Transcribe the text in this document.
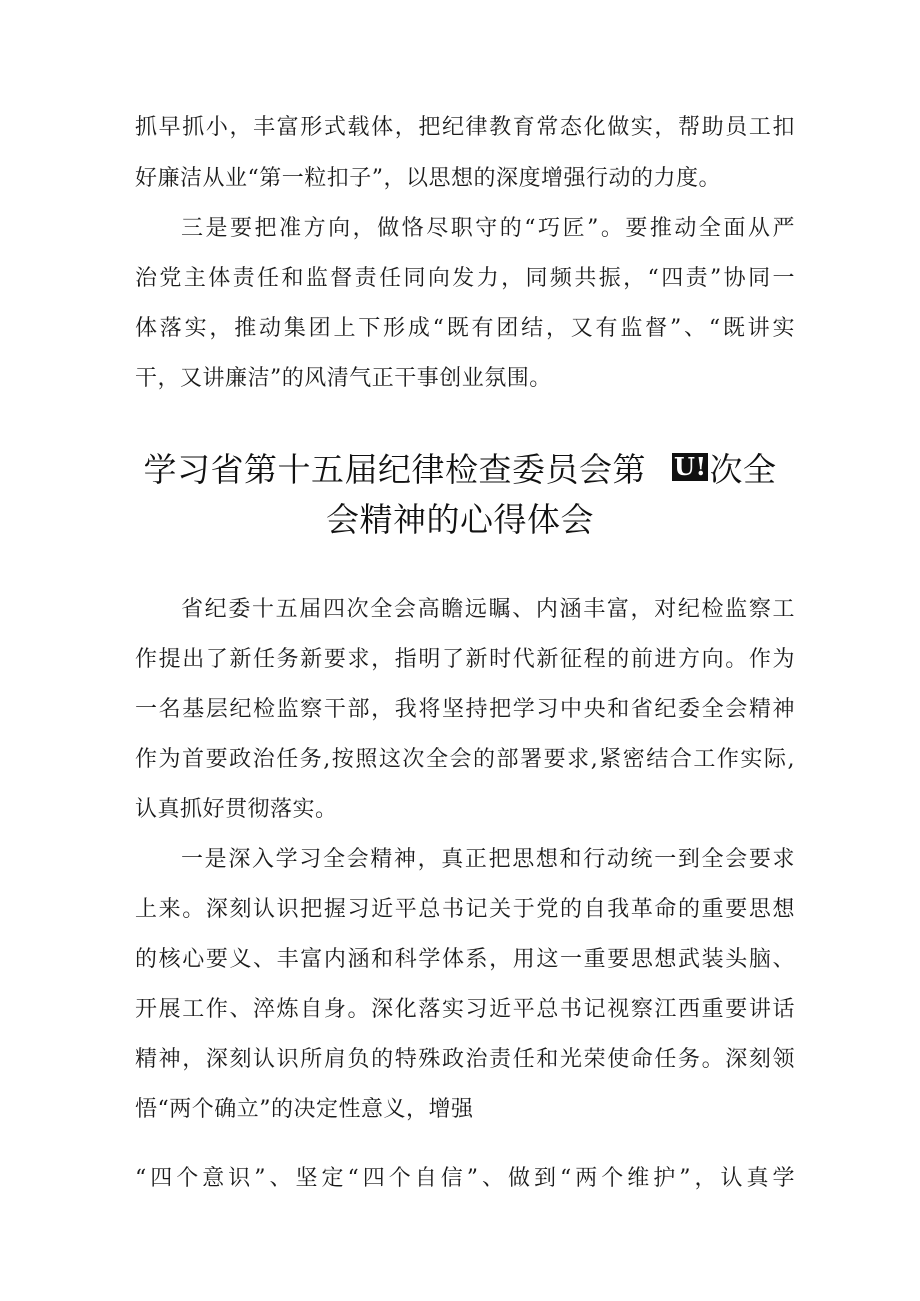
抓早抓小，丰富形式载体，把纪律教育常态化做实，帮助员工扣
好廉洁从业“第一粒扣子”，以思想的深度增强行动的力度。
三是要把准方向，做恪尽职守的“巧匠”。要推动全面从严
治党主体责任和监督责任同向发力，同频共振，“四责”协同一
体落实，推动集团上下形成“既有团结，又有监督”、“既讲实
干，又讲廉洁”的风清气正干事创业氛围。
学习省第十五届纪律检查委员会第 U!次全
会精神的心得体会
省纪委十五届四次全会高瞻远瞩、内涵丰富，对纪检监察工
作提出了新任务新要求，指明了新时代新征程的前进方向。作为
一名基层纪检监察干部，我将坚持把学习中央和省纪委全会精神
作为首要政治任务,按照这次全会的部署要求,紧密结合工作实际,
认真抓好贯彻落实。
一是深入学习全会精神，真正把思想和行动统一到全会要求
上来。深刻认识把握习近平总书记关于党的自我革命的重要思想
的核心要义、丰富内涵和科学体系，用这一重要思想武装头脑、
开展工作、淬炼自身。深化落实习近平总书记视察江西重要讲话
精神，深刻认识所肩负的特殊政治责任和光荣使命任务。深刻领
悟“两个确立”的决定性意义，增强
“四个意识”、坚定“四个自信”、做到“两个维护”，认真学
